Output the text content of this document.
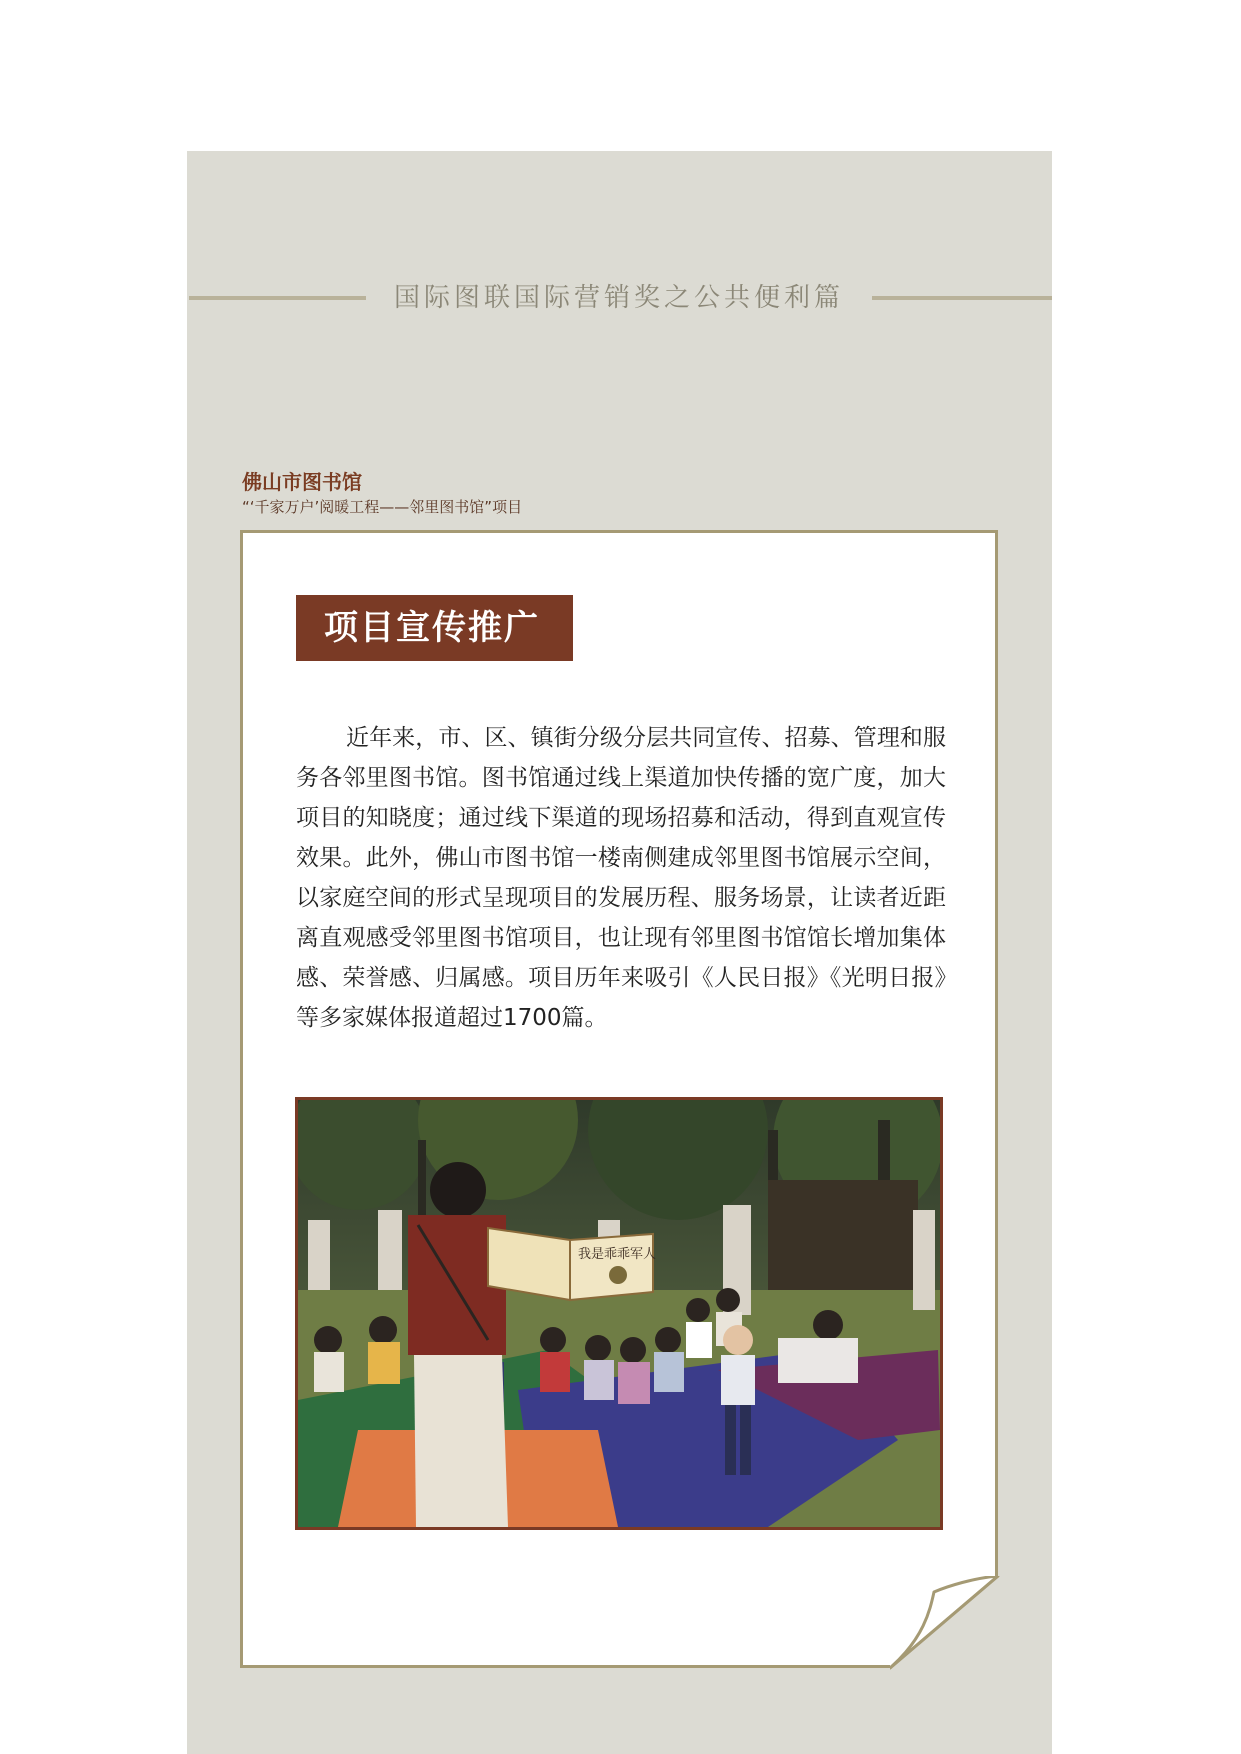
国际图联国际营销奖之公共便利篇
佛山市图书馆
“‘千家万户’阅暖工程——邻里图书馆”项目
项目宣传推广

近年来，市、区、镇街分级分层共同宣传、招募、管理和服务各邻里图书馆。图书馆通过线上渠道加快传播的宽广度，加大项目的知晓度；通过线下渠道的现场招募和活动，得到直观宣传效果。此外，佛山市图书馆一楼南侧建成邻里图书馆展示空间，以家庭空间的形式呈现项目的发展历程、服务场景，让读者近距离直观感受邻里图书馆项目，也让现有邻里图书馆馆长增加集体感、荣誉感、归属感。项目历年来吸引《人民日报》《光明日报》等多家媒体报道超过1700篇。

我是乖乖军人
